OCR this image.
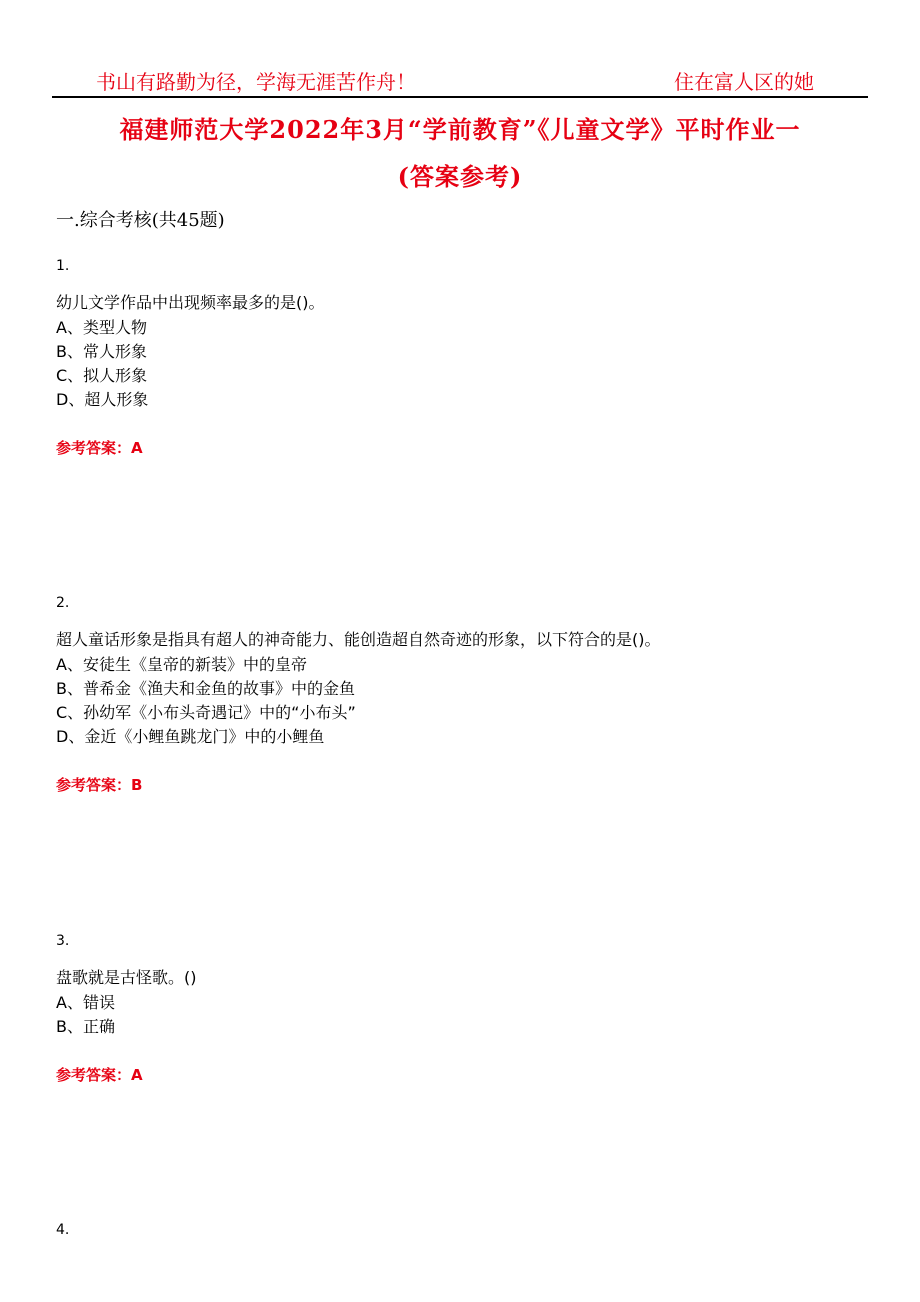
书山有路勤为径，学海无涯苦作舟！	住在富人区的她
福建师范大学2022年3月“学前教育”《儿童文学》平时作业一
(答案参考)
一.综合考核(共45题)
1.
幼儿文学作品中出现频率最多的是()。
A、类型人物
B、常人形象
C、拟人形象
D、超人形象
参考答案：A
2.
超人童话形象是指具有超人的神奇能力、能创造超自然奇迹的形象，以下符合的是()。
A、安徒生《皇帝的新装》中的皇帝
B、普希金《渔夫和金鱼的故事》中的金鱼
C、孙幼军《小布头奇遇记》中的“小布头”
D、金近《小鲤鱼跳龙门》中的小鲤鱼
参考答案：B
3.
盘歌就是古怪歌。()
A、错误
B、正确
参考答案：A
4.
